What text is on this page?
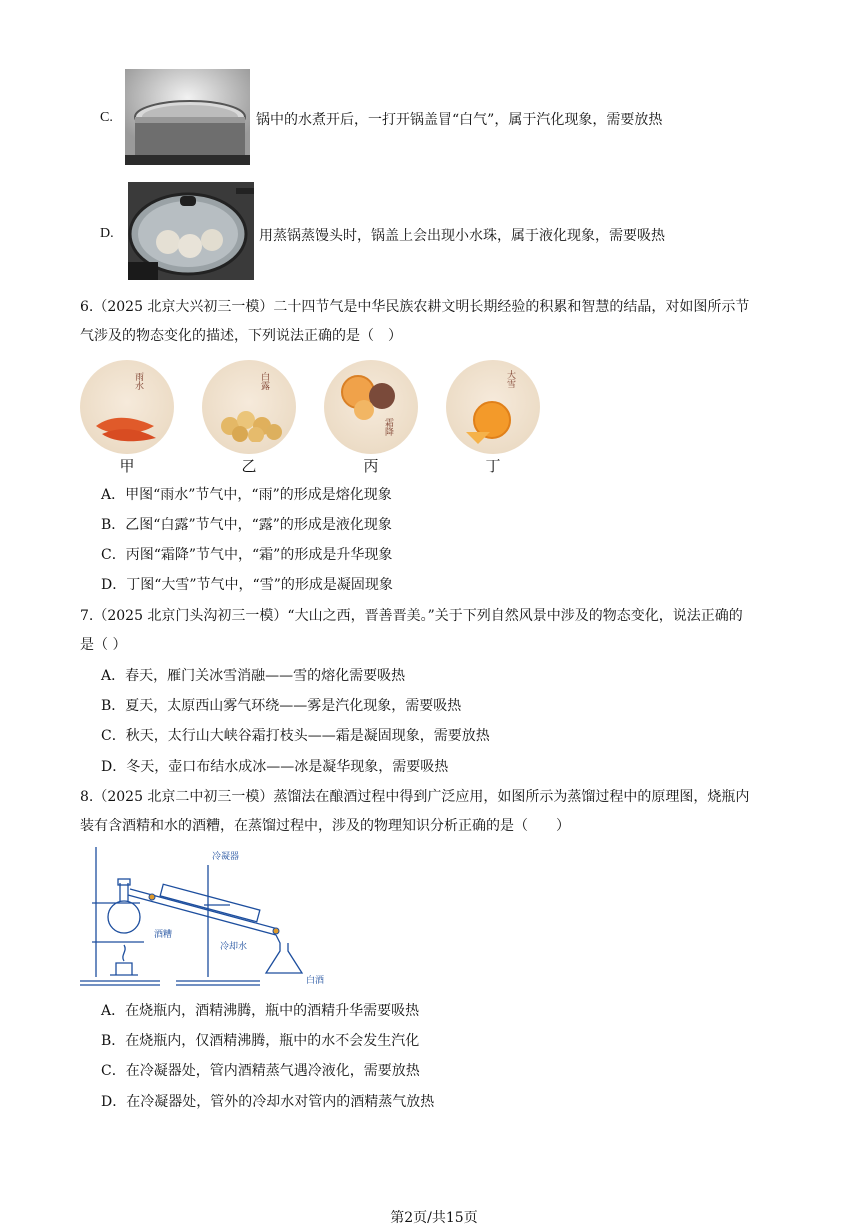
C.	锅中的水煮开后，一打开锅盖冒“白气”，属于汽化现象，需要放热
D.	用蒸锅蒸馒头时，锅盖上会出现小水珠，属于液化现象，需要吸热
6.（2025 北京大兴初三一模）二十四节气是中华民族农耕文明长期经验的积累和智慧的结晶，对如图所示节
气涉及的物态变化的描述，下列说法正确的是（　）
雨水
甲
白露
乙
霜降
丙
大雪
丁
A．甲图“雨水”节气中，“雨”的形成是熔化现象
B．乙图“白露”节气中，“露”的形成是液化现象
C．丙图“霜降”节气中，“霜”的形成是升华现象
D．丁图“大雪”节气中，“雪”的形成是凝固现象
7.（2025 北京门头沟初三一模）“大山之西，晋善晋美。”关于下列自然风景中涉及的物态变化，说法正确的
是（ ）
A．春天，雁门关冰雪消融——雪的熔化需要吸热
B．夏天，太原西山雾气环绕——雾是汽化现象，需要吸热
C．秋天，太行山大峡谷霜打枝头——霜是凝固现象，需要放热
D．冬天，壶口布结水成冰——冰是凝华现象，需要吸热
8.（2025 北京二中初三一模）蒸馏法在酿酒过程中得到广泛应用，如图所示为蒸馏过程中的原理图，烧瓶内
装有含酒精和水的酒糟，在蒸馏过程中，涉及的物理知识分析正确的是（　　）
冷凝器
酒糟
冷却水
白酒
A．在烧瓶内，酒精沸腾，瓶中的酒精升华需要吸热
B．在烧瓶内，仅酒精沸腾，瓶中的水不会发生汽化
C．在冷凝器处，管内酒精蒸气遇冷液化，需要放热
D．在冷凝器处，管外的冷却水对管内的酒精蒸气放热
第2页/共15页
